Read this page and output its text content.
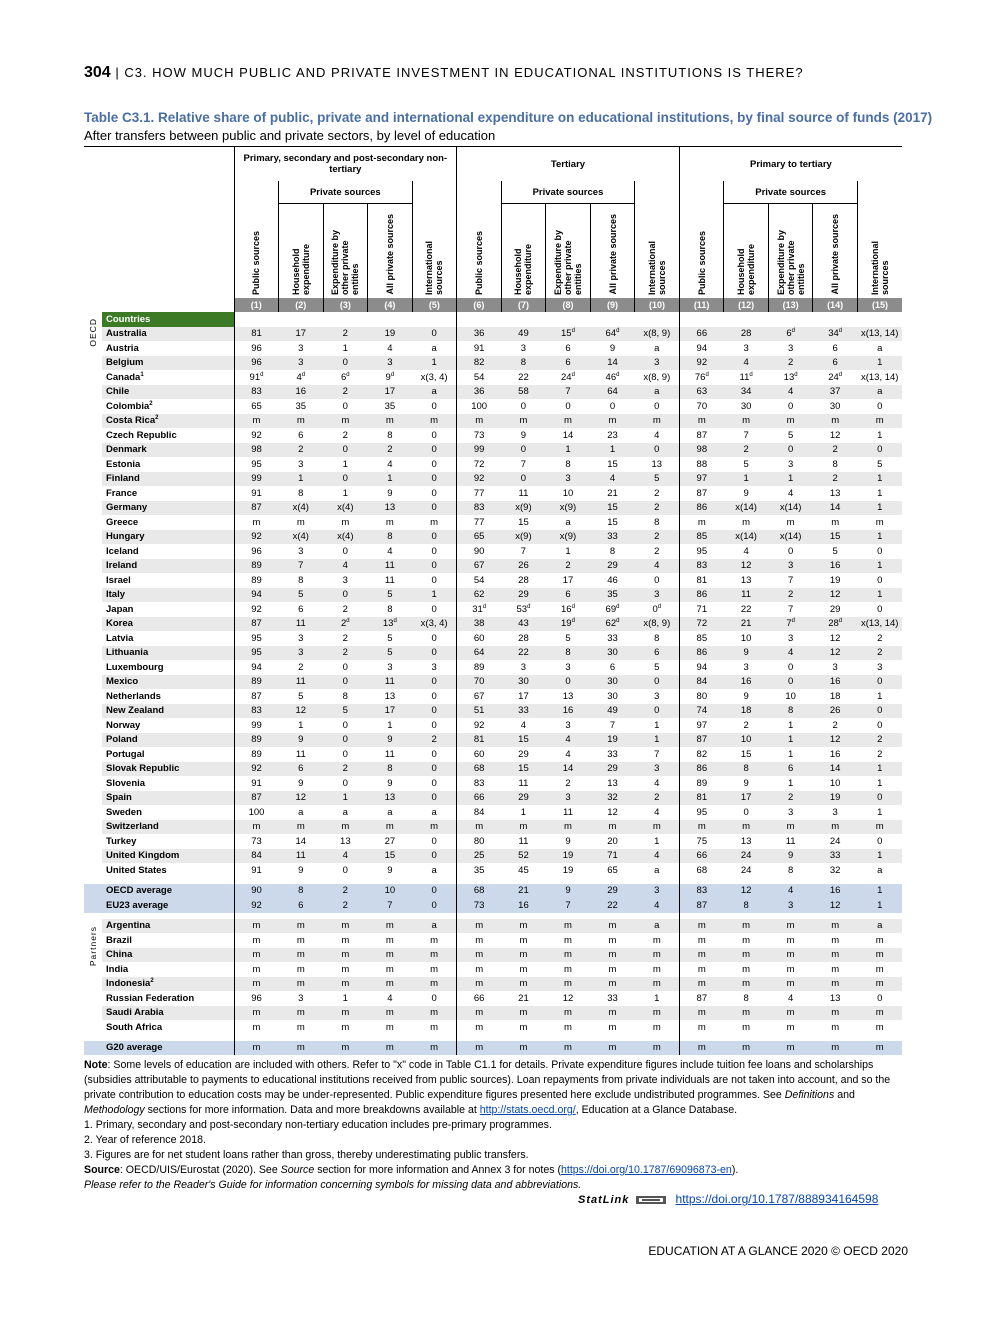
304 | C3. HOW MUCH PUBLIC AND PRIVATE INVESTMENT IN EDUCATIONAL INSTITUTIONS IS THERE?
Table C3.1. Relative share of public, private and international expenditure on educational institutions, by final source of funds (2017)
After transfers between public and private sectors, by level of education
		Primary, secondary and post-secondary non-tertiary					Tertiary					Primary to tertiary				
		Public sources	Private sources			International sources	Public sources	Private sources			International sources	Public sources	Private sources			International sources
			Household expenditure	Expenditure by other private entities	All private sources			Household expenditure	Expenditure by other private entities	All private sources			Household expenditure	Expenditure by other private entities	All private sources	
		(1)	(2)	(3)	(4)	(5)	(6)	(7)	(8)	(9)	(10)	(11)	(12)	(13)	(14)	(15)
OECD	Countries															
	Australia	81	17	2	19	0	36	49	15$^d$	64$^d$	x(8, 9)	66	28	6$^d$	34$^d$	x(13, 14)
	Austria	96	3	1	4	a	91	3	6	9	a	94	3	3	6	a
	Belgium	96	3	0	3	1	82	8	6	14	3	92	4	2	6	1
	Canada$^1$	91$^d$	4$^d$	6$^d$	9$^d$	x(3, 4)	54	22	24$^d$	46$^d$	x(8, 9)	76$^d$	11$^d$	13$^d$	24$^d$	x(13, 14)
	Chile	83	16	2	17	a	36	58	7	64	a	63	34	4	37	a
	Colombia$^2$	65	35	0	35	0	100	0	0	0	0	70	30	0	30	0
	Costa Rica$^2$	m	m	m	m	m	m	m	m	m	m	m	m	m	m	m
	Czech Republic	92	6	2	8	0	73	9	14	23	4	87	7	5	12	1
	Denmark	98	2	0	2	0	99	0	1	1	0	98	2	0	2	0
	Estonia	95	3	1	4	0	72	7	8	15	13	88	5	3	8	5
	Finland	99	1	0	1	0	92	0	3	4	5	97	1	1	2	1
	France	91	8	1	9	0	77	11	10	21	2	87	9	4	13	1
	Germany	87	x(4)	x(4)	13	0	83	x(9)	x(9)	15	2	86	x(14)	x(14)	14	1
	Greece	m	m	m	m	m	77	15	a	15	8	m	m	m	m	m
	Hungary	92	x(4)	x(4)	8	0	65	x(9)	x(9)	33	2	85	x(14)	x(14)	15	1
	Iceland	96	3	0	4	0	90	7	1	8	2	95	4	0	5	0
	Ireland	89	7	4	11	0	67	26	2	29	4	83	12	3	16	1
	Israel	89	8	3	11	0	54	28	17	46	0	81	13	7	19	0
	Italy	94	5	0	5	1	62	29	6	35	3	86	11	2	12	1
	Japan	92	6	2	8	0	31$^d$	53$^d$	16$^d$	69$^d$	0$^d$	71	22	7	29	0
	Korea	87	11	2$^d$	13$^d$	x(3, 4)	38	43	19$^d$	62$^d$	x(8, 9)	72	21	7$^d$	28$^d$	x(13, 14)
	Latvia	95	3	2	5	0	60	28	5	33	8	85	10	3	12	2
	Lithuania	95	3	2	5	0	64	22	8	30	6	86	9	4	12	2
	Luxembourg	94	2	0	3	3	89	3	3	6	5	94	3	0	3	3
	Mexico	89	11	0	11	0	70	30	0	30	0	84	16	0	16	0
	Netherlands	87	5	8	13	0	67	17	13	30	3	80	9	10	18	1
	New Zealand	83	12	5	17	0	51	33	16	49	0	74	18	8	26	0
	Norway	99	1	0	1	0	92	4	3	7	1	97	2	1	2	0
	Poland	89	9	0	9	2	81	15	4	19	1	87	10	1	12	2
	Portugal	89	11	0	11	0	60	29	4	33	7	82	15	1	16	2
	Slovak Republic	92	6	2	8	0	68	15	14	29	3	86	8	6	14	1
	Slovenia	91	9	0	9	0	83	11	2	13	4	89	9	1	10	1
	Spain	87	12	1	13	0	66	29	3	32	2	81	17	2	19	0
	Sweden	100	a	a	a	a	84	1	11	12	4	95	0	3	3	1
	Switzerland	m	m	m	m	m	m	m	m	m	m	m	m	m	m	m
	Turkey	73	14	13	27	0	80	11	9	20	1	75	13	11	24	0
	United Kingdom	84	11	4	15	0	25	52	19	71	4	66	24	9	33	1
	United States	91	9	0	9	a	35	45	19	65	a	68	24	8	32	a

	OECD average	90	8	2	10	0	68	21	9	29	3	83	12	4	16	1
	EU23 average	92	6	2	7	0	73	16	7	22	4	87	8	3	12	1

Partners	Argentina	m	m	m	m	a	m	m	m	m	a	m	m	m	m	a
	Brazil	m	m	m	m	m	m	m	m	m	m	m	m	m	m	m
	China	m	m	m	m	m	m	m	m	m	m	m	m	m	m	m
	India	m	m	m	m	m	m	m	m	m	m	m	m	m	m	m
	Indonesia$^2$	m	m	m	m	m	m	m	m	m	m	m	m	m	m	m
	Russian Federation	96	3	1	4	0	66	21	12	33	1	87	8	4	13	0
	Saudi Arabia	m	m	m	m	m	m	m	m	m	m	m	m	m	m	m
	South Africa	m	m	m	m	m	m	m	m	m	m	m	m	m	m	m

	G20 average	m	m	m	m	m	m	m	m	m	m	m	m	m	m	m

Note: Some levels of education are included with others. Refer to "x" code in Table C1.1 for details. Private expenditure figures include tuition fee loans and scholarships (subsidies attributable to payments to educational institutions received from public sources). Loan repayments from private individuals are not taken into account, and so the private contribution to education costs may be under-represented. Public expenditure figures presented here exclude undistributed programmes. See Definitions and Methodology sections for more information. Data and more breakdowns available at http://stats.oecd.org/, Education at a Glance Database.

1. Primary, secondary and post-secondary non-tertiary education includes pre-primary programmes.

2. Year of reference 2018.

3. Figures are for net student loans rather than gross, thereby underestimating public transfers.

Source: OECD/UIS/Eurostat (2020). See Source section for more information and Annex 3 for notes (https://doi.org/10.1787/69096873-en).

Please refer to the Reader's Guide for information concerning symbols for missing data and abbreviations.

StatLink	https://doi.org/10.1787/888934164598
EDUCATION AT A GLANCE 2020 © OECD 2020
